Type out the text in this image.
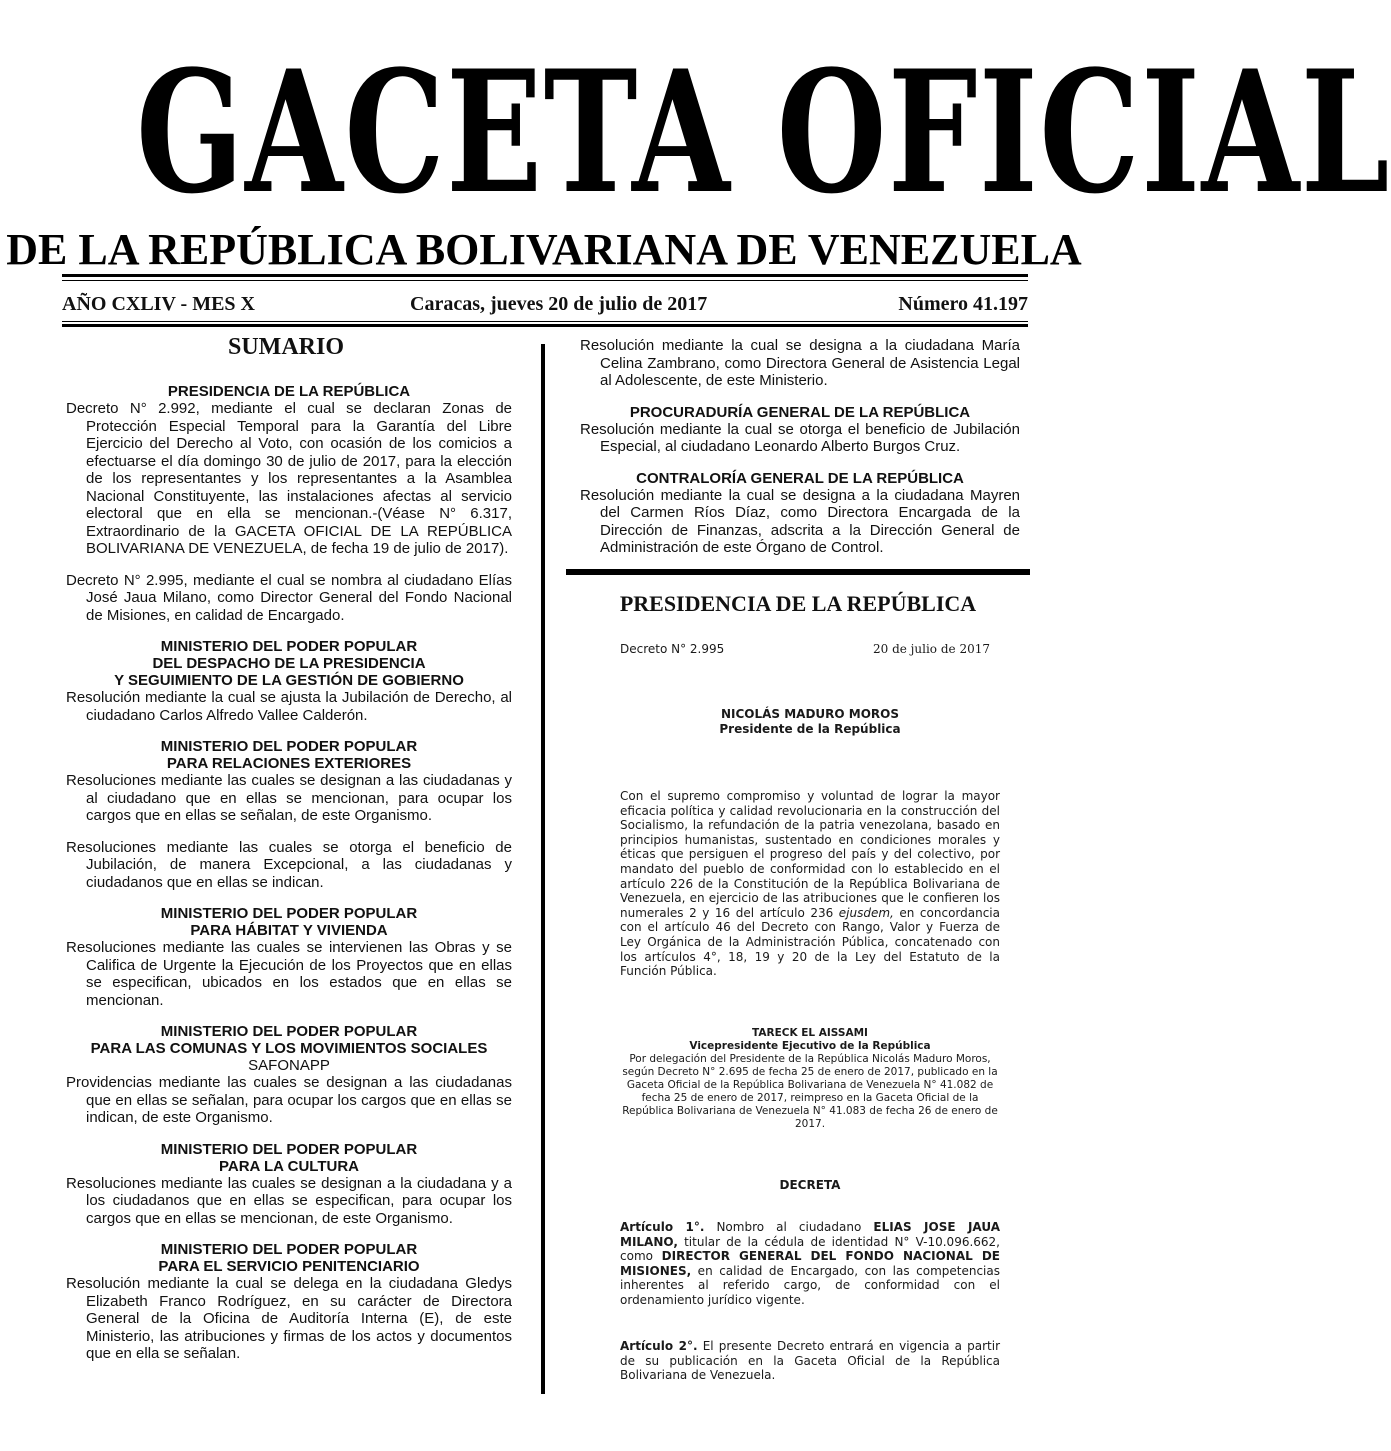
GACETA OFICIAL
DE LA REPÚBLICA BOLIVARIANA DE VENEZUELA
AÑO CXLIV - MES X	Caracas, jueves 20 de julio de 2017	Número 41.197
SUMARIO
PRESIDENCIA DE LA REPÚBLICA

Decreto N° 2.992, mediante el cual se declaran Zonas de Protección Especial Temporal para la Garantía del Libre Ejercicio del Derecho al Voto, con ocasión de los comicios a efectuarse el día domingo 30 de julio de 2017, para la elección de los representantes y los representantes a la Asamblea Nacional Constituyente, las instalaciones afectas al servicio electoral que en ella se mencionan.-(Véase N° 6.317, Extraordinario de la GACETA OFICIAL DE LA REPÚBLICA BOLIVARIANA DE VENEZUELA, de fecha 19 de julio de 2017).

Decreto N° 2.995, mediante el cual se nombra al ciudadano Elías José Jaua Milano, como Director General del Fondo Nacional de Misiones, en calidad de Encargado.

MINISTERIO DEL PODER POPULAR
DEL DESPACHO DE LA PRESIDENCIA
Y SEGUIMIENTO DE LA GESTIÓN DE GOBIERNO

Resolución mediante la cual se ajusta la Jubilación de Derecho, al ciudadano Carlos Alfredo Vallee Calderón.

MINISTERIO DEL PODER POPULAR
PARA RELACIONES EXTERIORES

Resoluciones mediante las cuales se designan a las ciudadanas y al ciudadano que en ellas se mencionan, para ocupar los cargos que en ellas se señalan, de este Organismo.

Resoluciones mediante las cuales se otorga el beneficio de Jubilación, de manera Excepcional, a las ciudadanas y ciudadanos que en ellas se indican.

MINISTERIO DEL PODER POPULAR
PARA HÁBITAT Y VIVIENDA

Resoluciones mediante las cuales se intervienen las Obras y se Califica de Urgente la Ejecución de los Proyectos que en ellas se especifican, ubicados en los estados que en ellas se mencionan.

MINISTERIO DEL PODER POPULAR
PARA LAS COMUNAS Y LOS MOVIMIENTOS SOCIALES
SAFONAPP

Providencias mediante las cuales se designan a las ciudadanas que en ellas se señalan, para ocupar los cargos que en ellas se indican, de este Organismo.

MINISTERIO DEL PODER POPULAR
PARA LA CULTURA

Resoluciones mediante las cuales se designan a la ciudadana y a los ciudadanos que en ellas se especifican, para ocupar los cargos que en ellas se mencionan, de este Organismo.

MINISTERIO DEL PODER POPULAR
PARA EL SERVICIO PENITENCIARIO

Resolución mediante la cual se delega en la ciudadana Gledys Elizabeth Franco Rodríguez, en su carácter de Directora General de la Oficina de Auditoría Interna (E), de este Ministerio, las atribuciones y firmas de los actos y documentos que en ella se señalan.

Resolución mediante la cual se designa a la ciudadana María Celina Zambrano, como Directora General de Asistencia Legal al Adolescente, de este Ministerio.

PROCURADURÍA GENERAL DE LA REPÚBLICA

Resolución mediante la cual se otorga el beneficio de Jubilación Especial, al ciudadano Leonardo Alberto Burgos Cruz.

CONTRALORÍA GENERAL DE LA REPÚBLICA

Resolución mediante la cual se designa a la ciudadana Mayren del Carmen Ríos Díaz, como Directora Encargada de la Dirección de Finanzas, adscrita a la Dirección General de Administración de este Órgano de Control.

PRESIDENCIA DE LA REPÚBLICA
Decreto N° 2.995	20 de julio de 2017
NICOLÁS MADURO MOROS
Presidente de la República
Con el supremo compromiso y voluntad de lograr la mayor eficacia política y calidad revolucionaria en la construcción del Socialismo, la refundación de la patria venezolana, basado en principios humanistas, sustentado en condiciones morales y éticas que persiguen el progreso del país y del colectivo, por mandato del pueblo de conformidad con lo establecido en el artículo 226 de la Constitución de la República Bolivariana de Venezuela, en ejercicio de las atribuciones que le confieren los numerales 2 y 16 del artículo 236 ejusdem, en concordancia con el artículo 46 del Decreto con Rango, Valor y Fuerza de Ley Orgánica de la Administración Pública, concatenado con los artículos 4°, 18, 19 y 20 de la Ley del Estatuto de la Función Pública.
TARECK EL AISSAMI
Vicepresidente Ejecutivo de la República
Por delegación del Presidente de la República Nicolás Maduro Moros, según Decreto N° 2.695 de fecha 25 de enero de 2017, publicado en la Gaceta Oficial de la República Bolivariana de Venezuela N° 41.082 de fecha 25 de enero de 2017, reimpreso en la Gaceta Oficial de la República Bolivariana de Venezuela N° 41.083 de fecha 26 de enero de 2017.
DECRETA
Artículo 1°. Nombro al ciudadano ELIAS JOSE JAUA MILANO, titular de la cédula de identidad N° V-10.096.662, como DIRECTOR GENERAL DEL FONDO NACIONAL DE MISIONES, en calidad de Encargado, con las competencias inherentes al referido cargo, de conformidad con el ordenamiento jurídico vigente.
Artículo 2°. El presente Decreto entrará en vigencia a partir de su publicación en la Gaceta Oficial de la República Bolivariana de Venezuela.
